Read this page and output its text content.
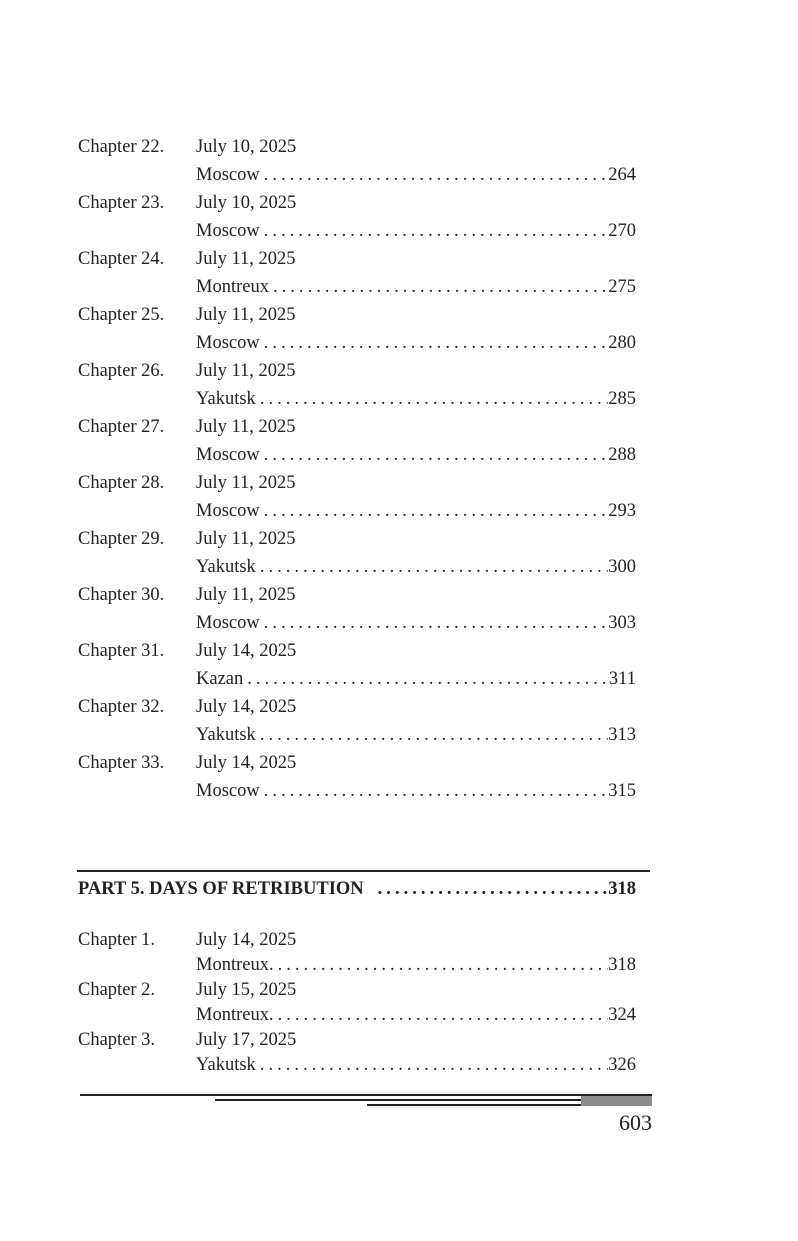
Chapter 22. July 10, 2025
Moscow . . .	264
Chapter 23. July 10, 2025
Moscow . . .	270
Chapter 24. July 11, 2025
Montreux . . .	275
Chapter 25. July 11, 2025
Moscow . . .	280
Chapter 26. July 11, 2025
Yakutsk . . .	285
Chapter 27. July 11, 2025
Moscow . . .	288
Chapter 28. July 11, 2025
Moscow . . .	293
Chapter 29. July 11, 2025
Yakutsk . . .	300
Chapter 30. July 11, 2025
Moscow . . .	303
Chapter 31. July 14, 2025
Kazan . . .	311
Chapter 32. July 14, 2025
Yakutsk . . .	313
Chapter 33. July 14, 2025
Moscow . . .	315
PART 5. DAYS OF RETRIBUTION . . .	318
Chapter 1. July 14, 2025
Montreux. . . .	318
Chapter 2. July 15, 2025
Montreux. . . .	324
Chapter 3. July 17, 2025
Yakutsk . . .	326
603
